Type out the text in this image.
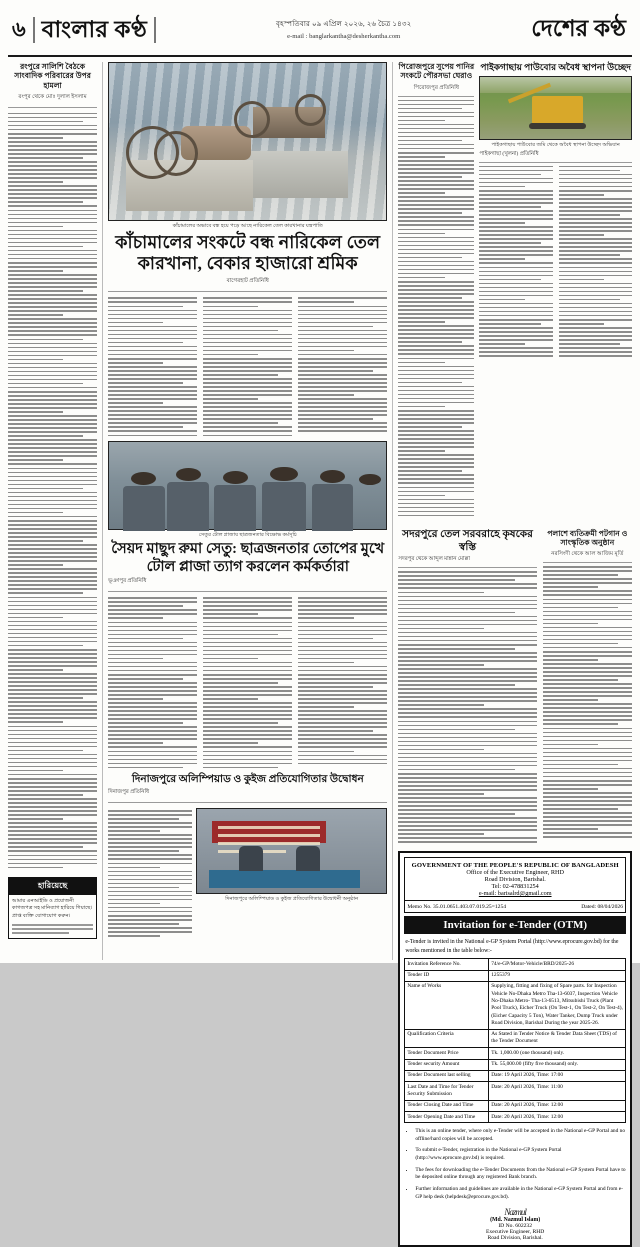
৬ বাংলার কণ্ঠ	বৃহস্পতিবার ০৯ এপ্রিল ২০২৬, ২৬ চৈত্র ১৪৩২
e-mail : banglarkantha@desherkantha.com	দেশের কণ্ঠ
রংপুরে সালিশি বৈঠকে সাংবাদিক পরিবারের উপর হামলা
রংপুর থেকে মোঃ দুলাল ইসলাম
হারিয়েছে
আমার এনআইডি ও প্রয়োজনী কাগজপত্র সহ মানিব্যাগ হারিয়ে গিয়াছে। প্রাপ্ত ব্যক্তি যোগাযোগ করুন।
কাঁচামালের অভাবে বন্ধ হয়ে পড়ে আছে নারিকেল তেল কারখানার যন্ত্রপাতি
কাঁচামালের সংকটে বন্ধ নারিকেল তেল কারখানা, বেকার হাজারো শ্রমিক
বাগেরহাট প্রতিনিধি
সেতুর টোল প্লাজায় ছাত্রজনতার বিক্ষোভ কর্মসূচি
সৈয়দ মাছুদ রুমা সেতু: ছাত্রজনতার তোপের মুখে টোল প্লাজা ত্যাগ করলেন কর্মকর্তারা
ভূঞাপুর প্রতিনিধি
দিনাজপুরে অলিম্পিয়াড ও কুইজ প্রতিযোগিতার উদ্বোধন
দিনাজপুর প্রতিনিধি
দিনাজপুরে অলিম্পিয়াড ও কুইজ প্রতিযোগিতার উদ্বোধনী অনুষ্ঠান
পিরোজপুরে সুপেয় পানির সংকটে পৌরসভা ঘেরাও
পিরোজপুর প্রতিনিধি
পাইকগাছায় পাউবোর অবৈধ স্থাপনা উচ্ছেদ
পাইকগাছায় পাউবোর জমি থেকে অবৈধ স্থাপনা উচ্ছেদ অভিযান
পাইকগাছা (খুলনা) প্রতিনিধি
সদরপুরে তেল সরবরাহে কৃষকের স্বস্তি
সদরপুর থেকে আব্দুল মান্নান মোল্লা
পলাশে ব্যতিক্রমী পটগান ও সাংস্কৃতিক অনুষ্ঠান
নরসিংদী থেকে আল আজিম মূর্তি
GOVERNMENT OF THE PEOPLE'S REPUBLIC OF BANGLADESH
Office of the Executive Engineer, RHD
Road Division, Barishal.
Tel: 02-478831254
e-mail: barisalrd@gmail.com
Memo No. 35.01.0651.403.07.019.25=1254	Dated: 08/04/2026
Invitation for e-Tender (OTM)
e-Tender is invited in the National e-GP System Portal (http://www.eprocure.gov.bd) for the works mentioned in the table below:-
Invitation Reference No.	74/e-GP/Motor-Vehicle/BRD/2025-26
Tender ID	1255379
Name of Works	Supplying, fitting and fixing of Spare parts. for Inspection Vehicle No-Dhaka Metro Tha-13-6037, Inspection Vehicle No-Dhaka Metro- Tha-13-6513, Mitsubishi Truck (Plant Pool Truck), Eicher Truck (On Test-1, On Test-2, On Test-4), (Eicher Capacity 5 Ton), Water Tanker, Dump Truck under Road Division, Barishal During the year 2025-26.
Qualification Criteria	As Stated in Tender Notice & Tender Data Sheet (TDS) of the Tender Document
Tender Document Price	Tk. 1,000.00 (one thousand) only.
Tender security Amount	Tk. 55,000.00 (fifty five thousand) only.
Tender Document last selling	Date: 19 April 2026, Time: 17:00
Last Date and Time for Tender Security Submission	Date: 20 April 2026, Time: 11:00
Tender Closing Date and Time	Date: 20 April 2026, Time: 12:00
Tender Opening Date and Time	Date: 20 April 2026, Time: 12:00
• This is an online tender, where only e-Tender will be accepted in the National e-GP Portal and no offline/hard copies will be accepted.
• To submit e-Tender, registration in the National e-GP System Portal (http://www.eprocure.gov.bd) is required.
• The fees for downloading the e-Tender Documents from the National e-GP System Portal have to be deposited online through any registered Bank branch.
• Further information and guidelines are available in the National e-GP System Portal and from e-GP help desk (helpdesk@eprocure.gov.bd).
Nazmul
(Md. Nazmul Islam)
ID No. 602232
Executive Engineer, RHD
Road Division, Barishal.
